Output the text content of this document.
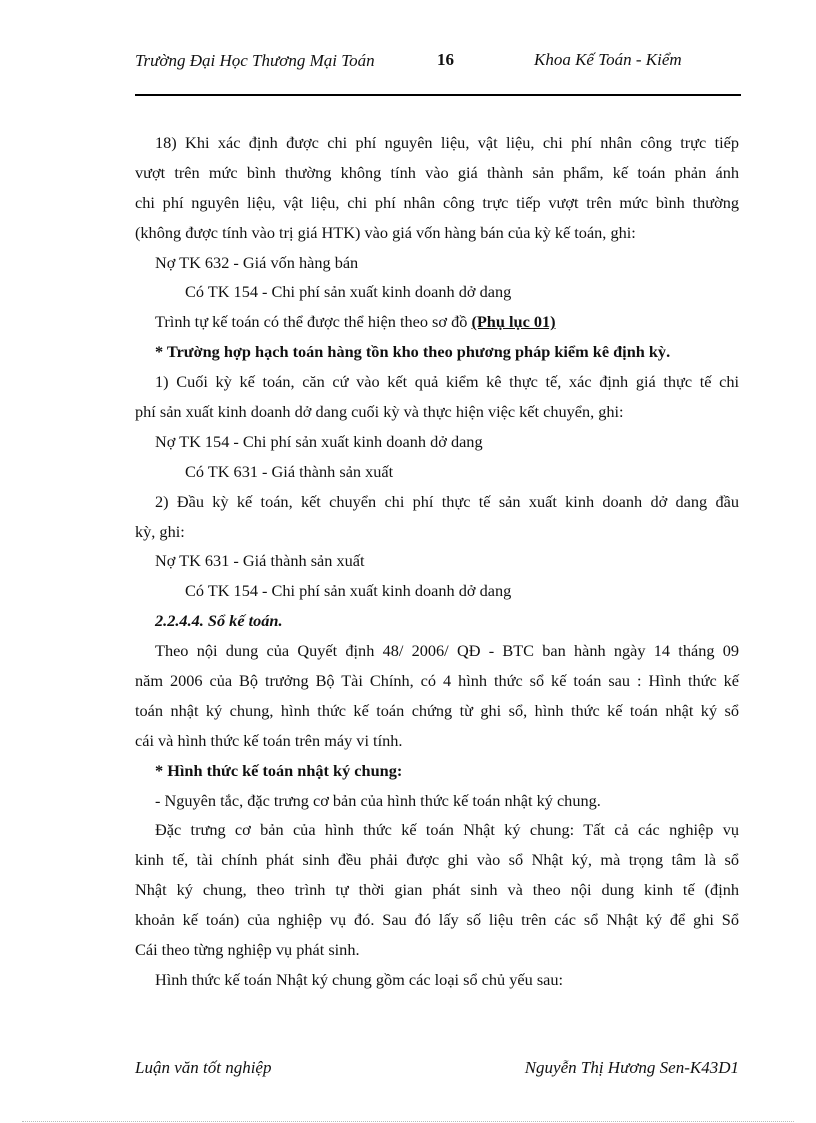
Trường Đại Học Thương Mại Toán	16	Khoa Kế Toán - Kiểm
18) Khi xác định được chi phí nguyên liệu, vật liệu, chi phí nhân công trực tiếp
vượt trên mức bình thường không tính vào giá thành sản phẩm, kế toán phản ánh
chi phí nguyên liệu, vật liệu, chi phí nhân công trực tiếp vượt trên mức bình thường
(không được tính vào trị giá HTK) vào giá vốn hàng bán của kỳ kế toán, ghi:
Nợ TK 632 - Giá vốn hàng bán
Có TK 154 - Chi phí sản xuất kinh doanh dở dang
Trình tự kế toán có thể được thể hiện theo sơ đồ (Phụ lục 01)
* Trường hợp hạch toán hàng tồn kho theo phương pháp kiểm kê định kỳ.
1) Cuối kỳ kế toán, căn cứ vào kết quả kiểm kê thực tế, xác định giá thực tế chi
phí sản xuất kinh doanh dở dang cuối kỳ và thực hiện việc kết chuyển, ghi:
Nợ TK 154 - Chi phí sản xuất kinh doanh dở dang
Có TK 631 - Giá thành sản xuất
2) Đầu kỳ kế toán, kết chuyển chi phí thực tế sản xuất kinh doanh dở dang đầu
kỳ, ghi:
Nợ TK 631 - Giá thành sản xuất
Có TK 154 - Chi phí sản xuất kinh doanh dở dang
2.2.4.4. Sổ kế toán.
Theo nội dung của Quyết định 48/ 2006/ QĐ - BTC ban hành ngày 14 tháng 09
năm 2006 của Bộ trưởng Bộ Tài Chính, có 4 hình thức sổ kế toán sau : Hình thức kế
toán nhật ký chung, hình thức kế toán chứng từ ghi sổ, hình thức kế toán nhật ký sổ
cái và hình thức kế toán trên máy vi tính.
* Hình thức kế toán nhật ký chung:
- Nguyên tắc, đặc trưng cơ bản của hình thức kế toán nhật ký chung.
Đặc trưng cơ bản của hình thức kế toán Nhật ký chung: Tất cả các nghiệp vụ
kinh tế, tài chính phát sinh đều phải được ghi vào sổ Nhật ký, mà trọng tâm là sổ
Nhật ký chung, theo trình tự thời gian phát sinh và theo nội dung kinh tế (định
khoản kế toán) của nghiệp vụ đó. Sau đó lấy số liệu trên các sổ Nhật ký để ghi Sổ
Cái theo từng nghiệp vụ phát sinh.
Hình thức kế toán Nhật ký chung gồm các loại sổ chủ yếu sau:
Luận văn tốt nghiệp	Nguyễn Thị Hương Sen-K43D1
